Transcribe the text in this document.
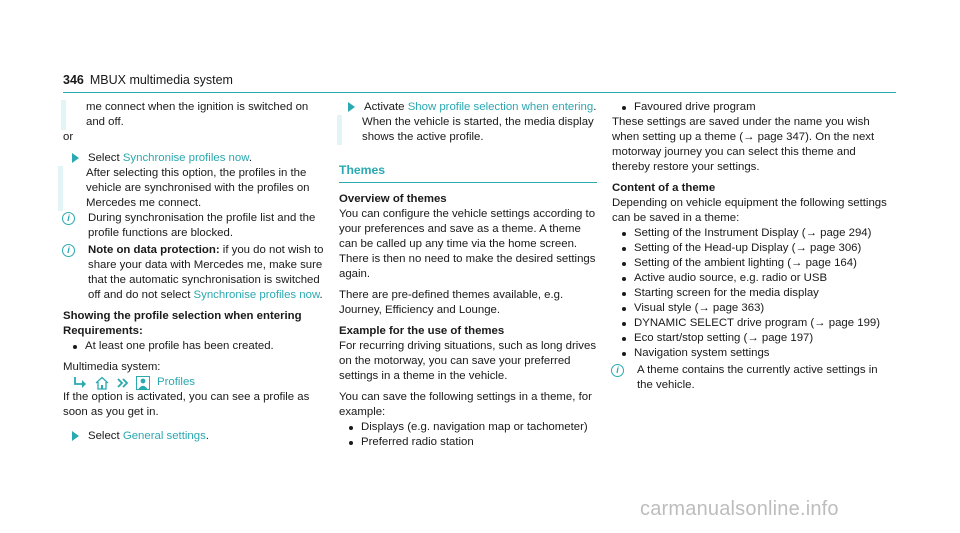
346 MBUX multimedia system
me connect when the ignition is switched on and off.
or
Select Synchronise profiles now.
After selecting this option, the profiles in the vehicle are synchronised with the profiles on Mercedes me connect.
i	During synchronisation the profile list and the profile functions are blocked.
i	Note on data protection: if you do not wish to share your data with Mercedes me, make sure that the automatic synchronisation is switched off and do not select Synchronise profiles now.
Showing the profile selection when entering
Requirements:
At least one profile has been created.
Multimedia system:
Profiles
If the option is activated, you can see a profile as soon as you get in.
Select General settings.
Activate Show profile selection when entering.
When the vehicle is started, the media display shows the active profile.
Themes
Overview of themes
You can configure the vehicle settings according to your preferences and save as a theme. A theme can be called up any time via the home screen. There is then no need to make the desired settings again.
There are pre-defined themes available, e.g. Journey, Efficiency and Lounge.
Example for the use of themes
For recurring driving situations, such as long drives on the motorway, you can save your preferred settings in a theme in the vehicle.
You can save the following settings in a theme, for example:
Displays (e.g. navigation map or tachometer)
Preferred radio station
Favoured drive program
These settings are saved under the name you wish when setting up a theme (→ page 347). On the next motorway journey you can select this theme and thereby restore your settings.
Content of a theme
Depending on vehicle equipment the following settings can be saved in a theme:
Setting of the Instrument Display (→ page 294)
Setting of the Head-up Display (→ page 306)
Setting of the ambient lighting (→ page 164)
Active audio source, e.g. radio or USB
Starting screen for the media display
Visual style (→ page 363)
DYNAMIC SELECT drive program (→ page 199)
Eco start/stop setting (→ page 197)
Navigation system settings
i	A theme contains the currently active settings in the vehicle.
carmanualsonline.info
